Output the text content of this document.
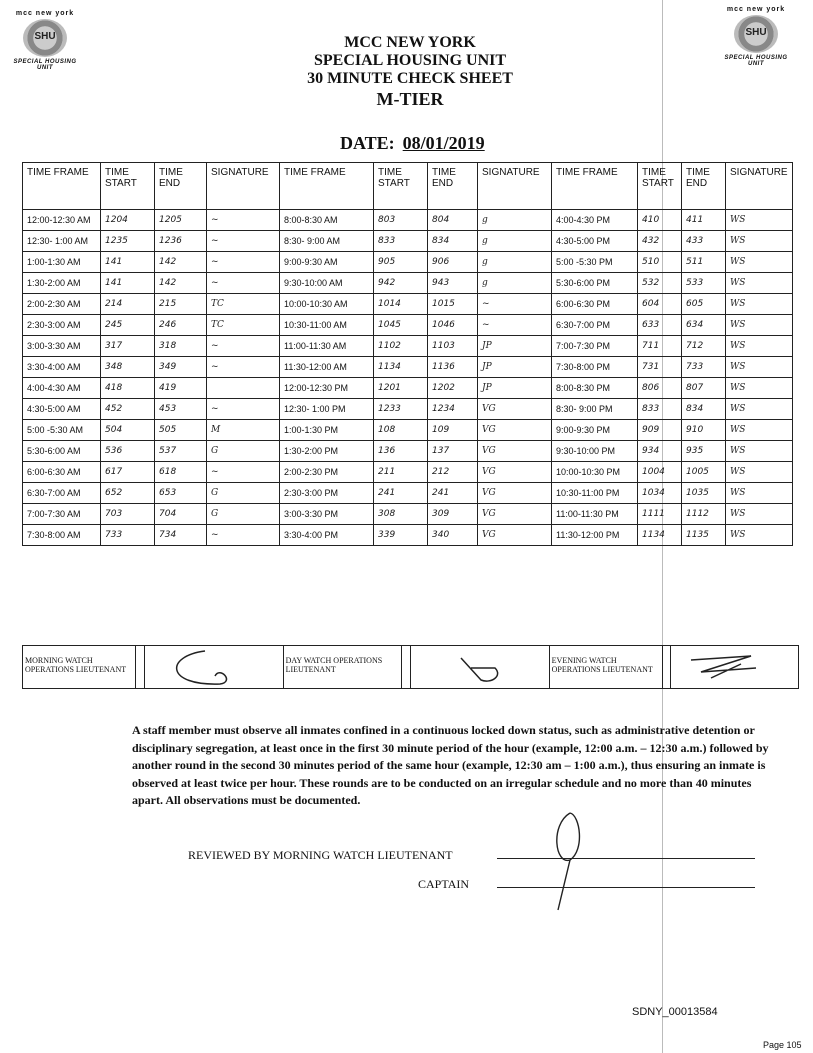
mcc new york
SHU
SPECIAL HOUSING UNIT
mcc new york
SHU
SPECIAL HOUSING UNIT
MCC NEW YORK
SPECIAL HOUSING UNIT
30 MINUTE CHECK SHEET
M-TIER
DATE: 08/01/2019
TIME FRAME	TIME START	TIME END	SIGNATURE	TIME FRAME	TIME START	TIME END	SIGNATURE	TIME FRAME	TIME START	TIME END	SIGNATURE
12:00-12:30 AM	1204	1205	~	8:00-8:30 AM	803	804	g	4:00-4:30 PM	410	411	WS
12:30- 1:00 AM	1235	1236	~	8:30- 9:00 AM	833	834	g	4:30-5:00 PM	432	433	WS
1:00-1:30 AM	141	142	~	9:00-9:30 AM	905	906	g	5:00 -5:30 PM	510	511	WS
1:30-2:00 AM	141	142	~	9:30-10:00 AM	942	943	g	5:30-6:00 PM	532	533	WS
2:00-2:30 AM	214	215	TC	10:00-10:30 AM	1014	1015	~	6:00-6:30 PM	604	605	WS
2:30-3:00 AM	245	246	TC	10:30-11:00 AM	1045	1046	~	6:30-7:00 PM	633	634	WS
3:00-3:30 AM	317	318	~	11:00-11:30 AM	1102	1103	JP	7:00-7:30 PM	711	712	WS
3:30-4:00 AM	348	349	~	11:30-12:00 AM	1134	1136	JP	7:30-8:00 PM	731	733	WS
4:00-4:30 AM	418	419		12:00-12:30 PM	1201	1202	JP	8:00-8:30 PM	806	807	WS
4:30-5:00 AM	452	453	~	12:30- 1:00 PM	1233	1234	VG	8:30- 9:00 PM	833	834	WS
5:00 -5:30 AM	504	505	M	1:00-1:30 PM	108	109	VG	9:00-9:30 PM	909	910	WS
5:30-6:00 AM	536	537	G	1:30-2:00 PM	136	137	VG	9:30-10:00 PM	934	935	WS
6:00-6:30 AM	617	618	~	2:00-2:30 PM	211	212	VG	10:00-10:30 PM	1004	1005	WS
6:30-7:00 AM	652	653	G	2:30-3:00 PM	241	241	VG	10:30-11:00 PM	1034	1035	WS
7:00-7:30 AM	703	704	G	3:00-3:30 PM	308	309	VG	11:00-11:30 PM	1111	1112	WS
7:30-8:00 AM	733	734	~	3:30-4:00 PM	339	340	VG	11:30-12:00 PM	1134	1135	WS
MORNING WATCH OPERATIONS LIEUTENANT
DAY WATCH OPERATIONS LIEUTENANT
EVENING WATCH OPERATIONS LIEUTENANT
A staff member must observe all inmates confined in a continuous locked down status, such as administrative detention or disciplinary segregation, at least once in the first 30 minute period of the hour (example, 12:00 a.m. – 12:30 a.m.) followed by another round in the second 30 minutes period of the same hour (example, 12:30 am – 1:00 a.m.), thus ensuring an inmate is observed at least twice per hour. These rounds are to be conducted on an irregular schedule and no more than 40 minutes apart. All observations must be documented.
REVIEWED BY MORNING WATCH LIEUTENANT
CAPTAIN
SDNY_00013584
Page 105
